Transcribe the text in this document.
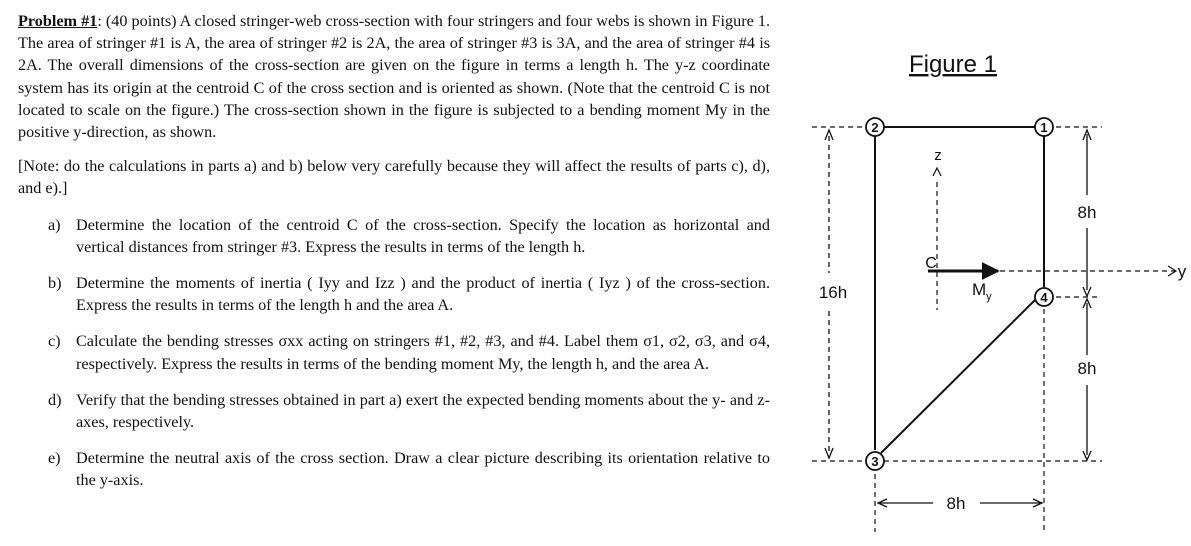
Problem #1: (40 points) A closed stringer-web cross-section with four stringers and four webs is shown in Figure 1. The area of stringer #1 is A, the area of stringer #2 is 2A, the area of stringer #3 is 3A, and the area of stringer #4 is 2A. The overall dimensions of the cross-section are given on the figure in terms a length h. The y-z coordinate system has its origin at the centroid C of the cross section and is oriented as shown. (Note that the centroid C is not located to scale on the figure.) The cross-section shown in the figure is subjected to a bending moment My in the positive y-direction, as shown.

[Note: do the calculations in parts a) and b) below very carefully because they will affect the results of parts c), d), and e).]

a) Determine the location of the centroid C of the cross-section. Specify the location as horizontal and vertical distances from stringer #3. Express the results in terms of the length h.
b) Determine the moments of inertia ( Iyy and Izz ) and the product of inertia ( Iyz ) of the cross-section. Express the results in terms of the length h and the area A.
c) Calculate the bending stresses σxx acting on stringers #1, #2, #3, and #4. Label them σ1, σ2, σ3, and σ4, respectively. Express the results in terms of the bending moment My, the length h, and the area A.
d) Verify that the bending stresses obtained in part a) exert the expected bending moments about the y- and z-axes, respectively.
e) Determine the neutral axis of the cross section. Draw a clear picture describing its orientation relative to the y-axis.
Figure 1
16h
8h
8h
8h
1
2
3
4
z
y
C
$M_y$
